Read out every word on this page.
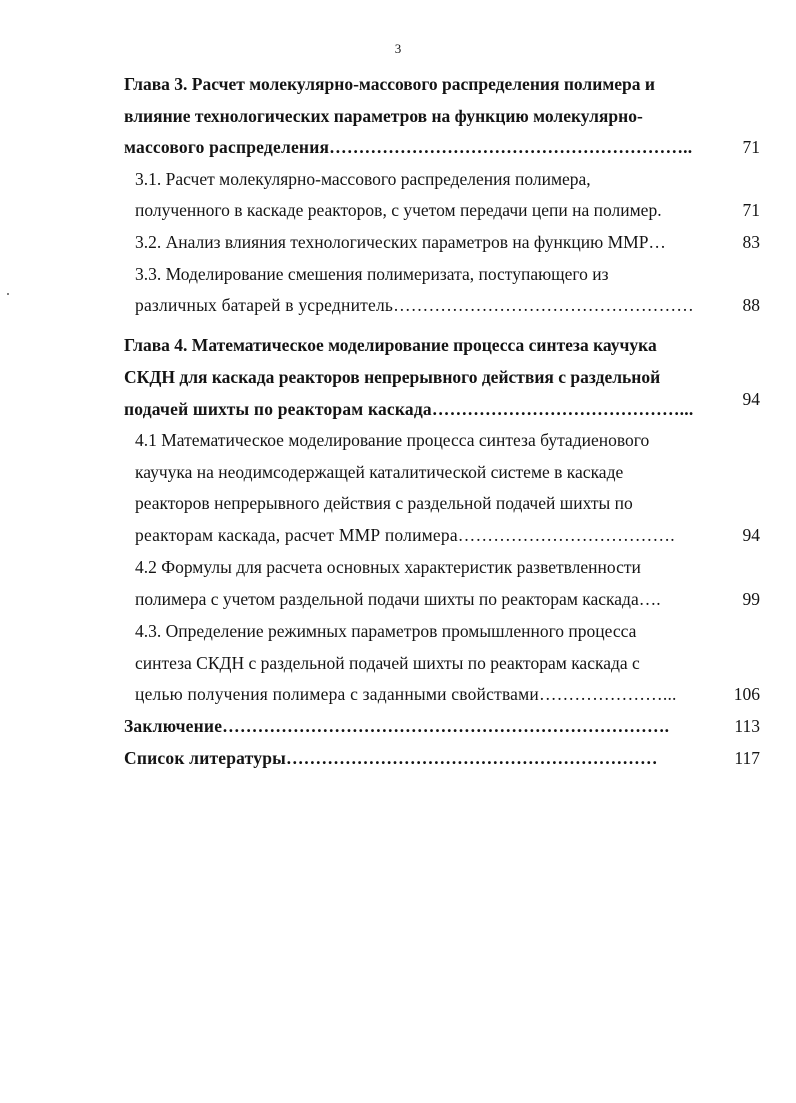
3
Глава 3. Расчет молекулярно-массового распределения полимера и
влияние технологических параметров на функцию молекулярно-
массового распределения……………………………………………………..	71
3.1. Расчет молекулярно-массового распределения полимера,
полученного в каскаде реакторов, с учетом передачи цепи на полимер.	71
3.2. Анализ влияния технологических параметров на функцию ММР…	83
3.3. Моделирование смешения полимеризата, поступающего из
различных батарей в усреднитель……………………………………………	88
Глава 4. Математическое моделирование процесса синтеза каучука
СКДН для каскада реакторов непрерывного действия с раздельной
подачей шихты по реакторам каскада……………………………………...	94
4.1 Математическое моделирование процесса синтеза бутадиенового
каучука на неодимсодержащей каталитической системе в каскаде
реакторов непрерывного действия с раздельной подачей шихты по
реакторам каскада, расчет ММР полимера……………………………….	94
4.2 Формулы для расчета основных характеристик разветвленности
полимера с учетом раздельной подачи шихты по реакторам каскада….	99
4.3. Определение режимных параметров промышленного процесса
синтеза СКДН с раздельной подачей шихты по реакторам каскада с
целью получения полимера с заданными свойствами…………………...	106
Заключение………………………………………………………………….	113
Список литературы………………………………………………………	117
